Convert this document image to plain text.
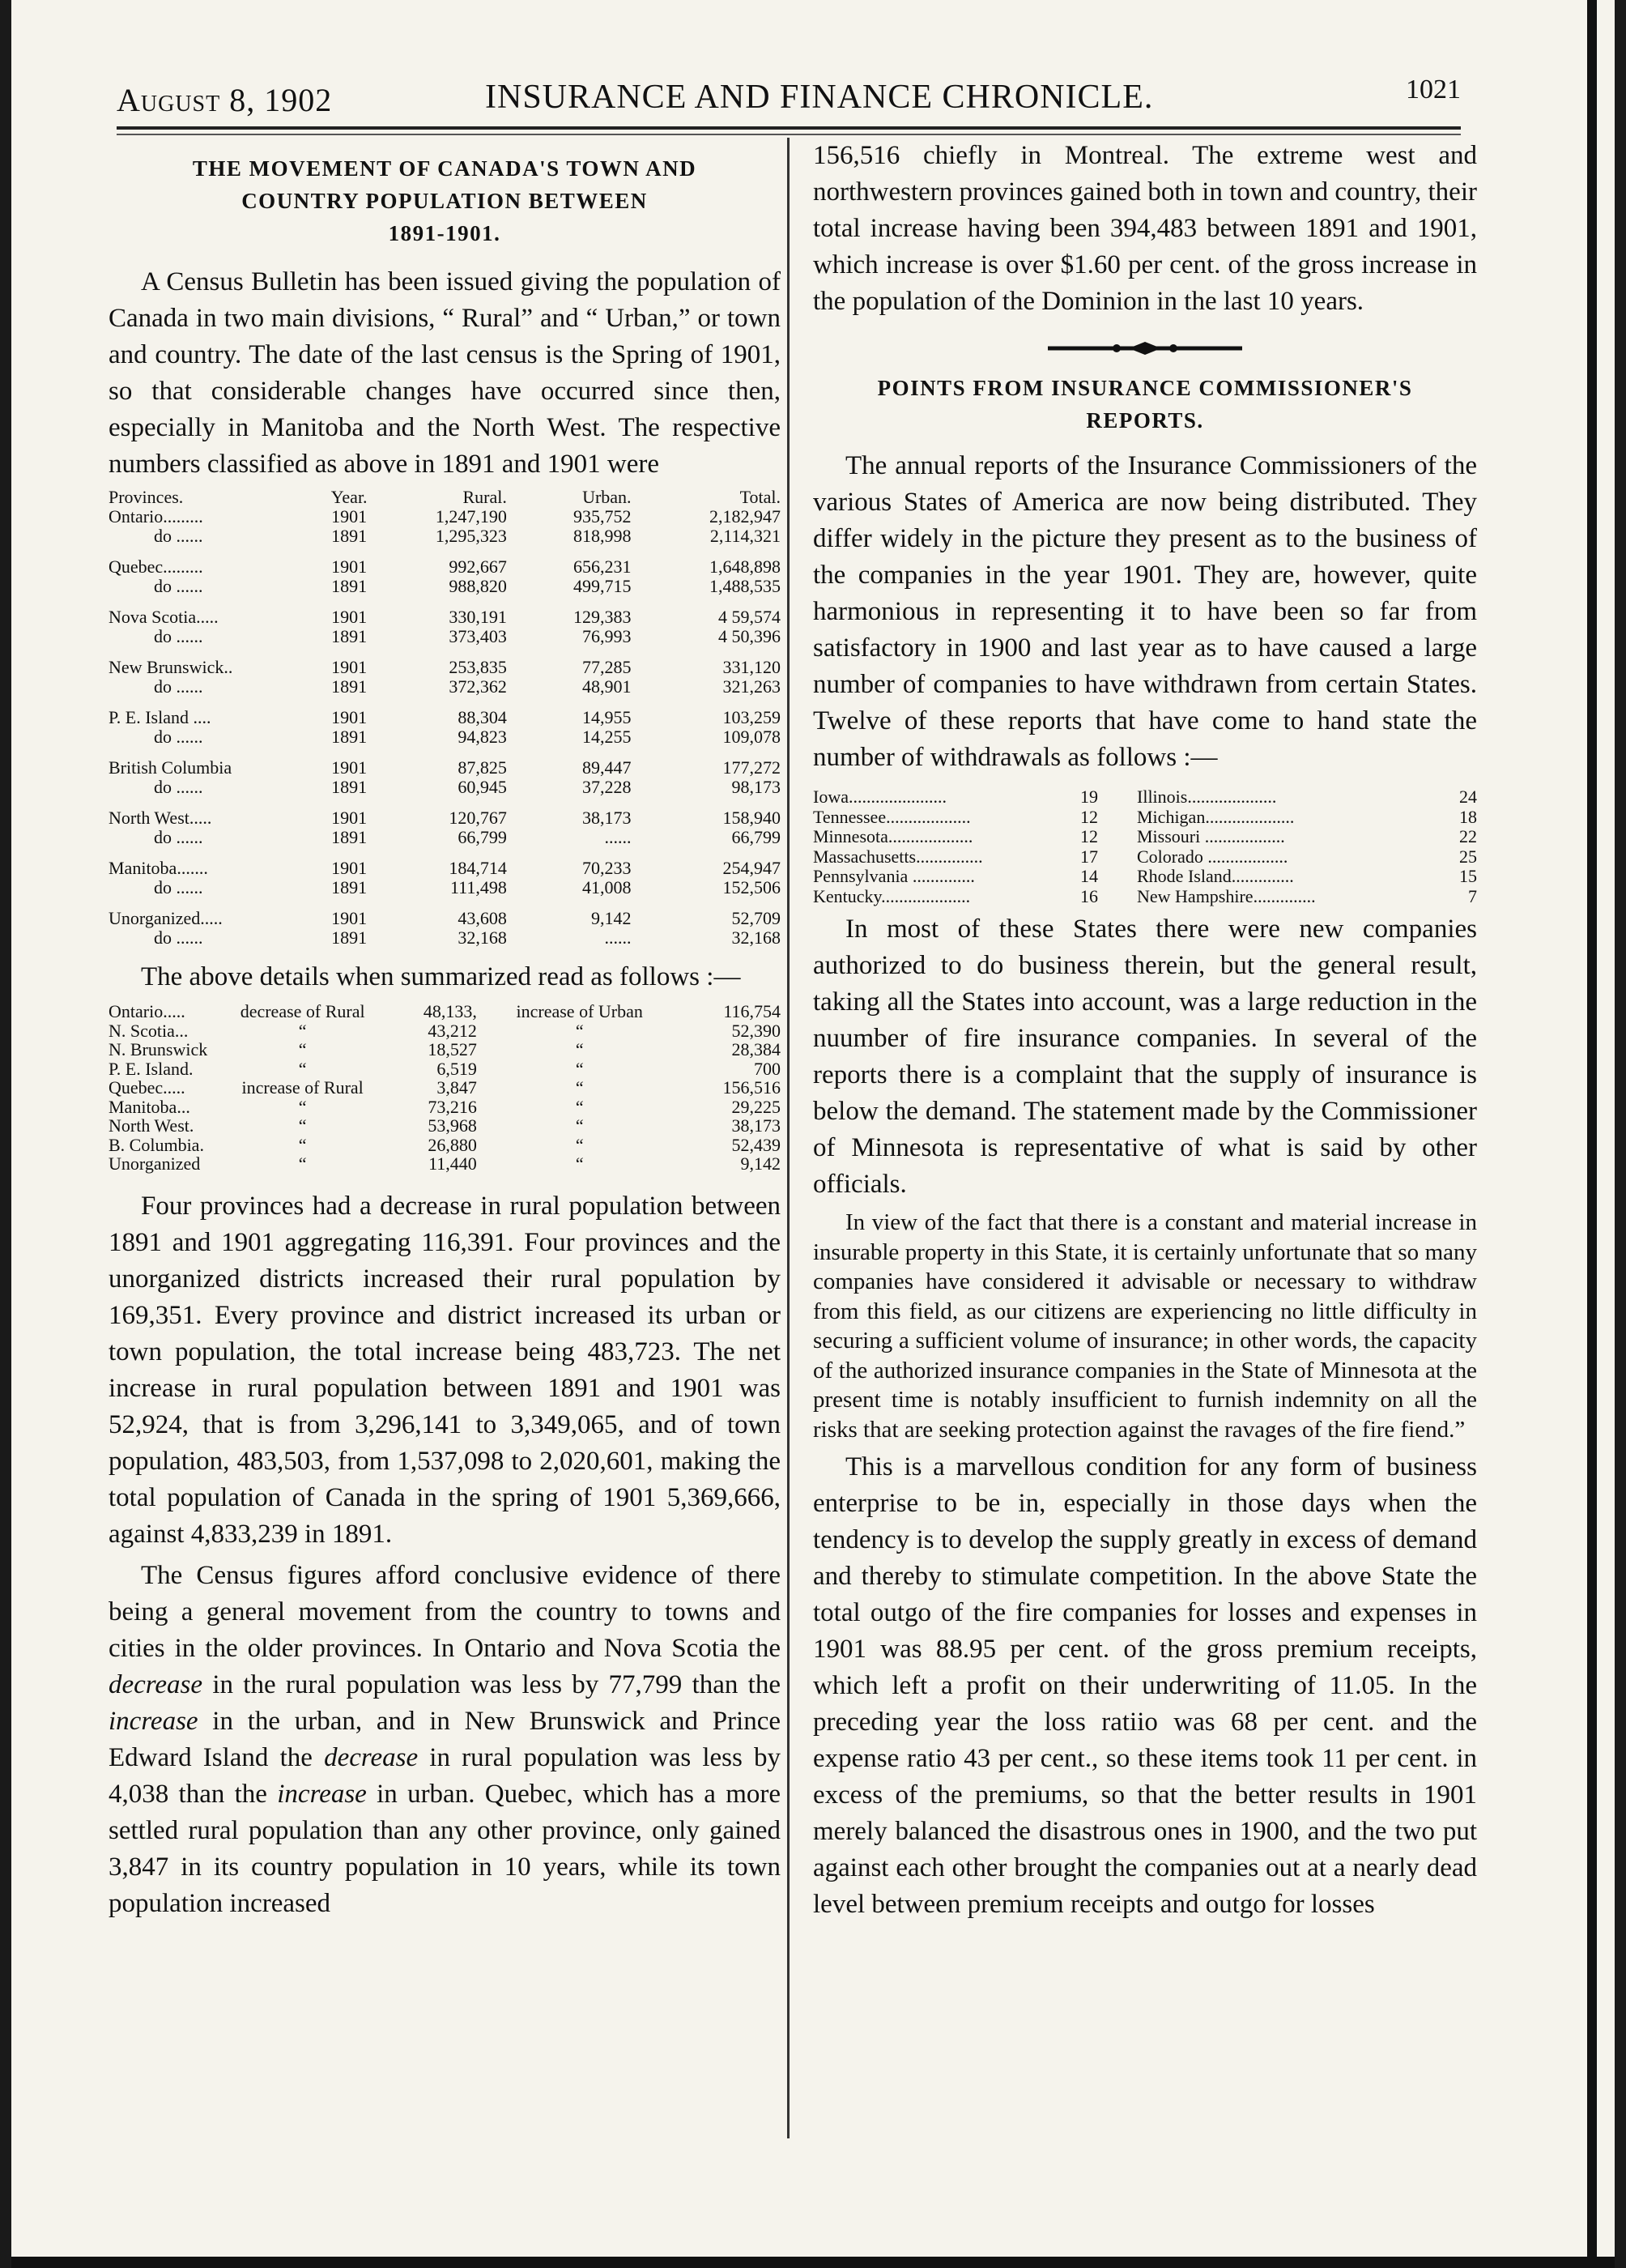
August 8, 1902	INSURANCE AND FINANCE CHRONICLE.	1021
THE MOVEMENT OF CANADA'S TOWN AND
COUNTRY POPULATION BETWEEN
1891-1901.

A Census Bulletin has been issued giving the population of Canada in two main divisions, “ Rural” and “ Urban,” or town and country. The date of the last census is the Spring of 1901, so that considerable changes have occurred since then, especially in Manitoba and the North West. The respective numbers classified as above in 1891 and 1901 were

Provinces.	Year.	Rural.	Urban.	Total.
Ontario.........	1901	1,247,190	935,752	2,182,947
do ......	1891	1,295,323	818,998	2,114,321
Quebec.........	1901	992,667	656,231	1,648,898
do ......	1891	988,820	499,715	1,488,535
Nova Scotia.....	1901	330,191	129,383	4 59,574
do ......	1891	373,403	76,993	4 50,396
New Brunswick..	1901	253,835	77,285	331,120
do ......	1891	372,362	48,901	321,263
P. E. Island ....	1901	88,304	14,955	103,259
do ......	1891	94,823	14,255	109,078
British Columbia	1901	87,825	89,447	177,272
do ......	1891	60,945	37,228	98,173
North West.....	1901	120,767	38,173	158,940
do ......	1891	66,799	......	66,799
Manitoba.......	1901	184,714	70,233	254,947
do ......	1891	111,498	41,008	152,506
Unorganized.....	1901	43,608	9,142	52,709
do ......	1891	32,168	......	32,168

The above details when summarized read as follows :—

Ontario.....	decrease of Rural	48,133,	increase of Urban	116,754
N. Scotia...	“	43,212	“	52,390
N. Brunswick	“	18,527	“	28,384
P. E. Island.	“	6,519	“	700
Quebec.....	increase of Rural	3,847	“	156,516
Manitoba...	“	73,216	“	29,225
North West.	“	53,968	“	38,173
B. Columbia.	“	26,880	“	52,439
Unorganized	“	11,440	“	9,142

Four provinces had a decrease in rural population between 1891 and 1901 aggregating 116,391. Four provinces and the unorganized districts increased their rural population by 169,351. Every province and district increased its urban or town population, the total increase being 483,723. The net increase in rural population between 1891 and 1901 was 52,924, that is from 3,296,141 to 3,349,065, and of town population, 483,503, from 1,537,098 to 2,020,601, making the total population of Canada in the spring of 1901 5,369,666, against 4,833,239 in 1891.

The Census figures afford conclusive evidence of there being a general movement from the country to towns and cities in the older provinces. In Ontario and Nova Scotia the decrease in the rural population was less by 77,799 than the increase in the urban, and in New Brunswick and Prince Edward Island the decrease in rural population was less by 4,038 than the increase in urban. Quebec, which has a more settled rural population than any other province, only gained 3,847 in its country population in 10 years, while its town population increased

156,516 chiefly in Montreal. The extreme west and northwestern provinces gained both in town and country, their total increase having been 394,483 between 1891 and 1901, which increase is over $1.60 per cent. of the gross increase in the population of the Dominion in the last 10 years.

POINTS FROM INSURANCE COMMISSIONER'S
REPORTS.

The annual reports of the Insurance Commissioners of the various States of America are now being distributed. They differ widely in the picture they present as to the business of the companies in the year 1901. They are, however, quite harmonious in representing it to have been so far from satisfactory in 1900 and last year as to have caused a large number of companies to have withdrawn from certain States. Twelve of these reports that have come to hand state the number of withdrawals as follows :—

Iowa......................	19	Illinois....................	24
Tennessee...................	12	Michigan....................	18
Minnesota...................	12	Missouri ..................	22
Massachusetts...............	17	Colorado ..................	25
Pennsylvania ..............	14	Rhode Island..............	15
Kentucky....................	16	New Hampshire..............	7

In most of these States there were new companies authorized to do business therein, but the general result, taking all the States into account, was a large reduction in the nuumber of fire insurance companies. In several of the reports there is a complaint that the supply of insurance is below the demand. The statement made by the Commissioner of Minnesota is representative of what is said by other officials.

In view of the fact that there is a constant and material increase in insurable property in this State, it is certainly unfortunate that so many companies have considered it advisable or necessary to withdraw from this field, as our citizens are experiencing no little difficulty in securing a sufficient volume of insurance; in other words, the capacity of the authorized insurance companies in the State of Minnesota at the present time is notably insufficient to furnish indemnity on all the risks that are seeking protection against the ravages of the fire fiend.”

This is a marvellous condition for any form of business enterprise to be in, especially in those days when the tendency is to develop the supply greatly in excess of demand and thereby to stimulate competition. In the above State the total outgo of the fire companies for losses and expenses in 1901 was 88.95 per cent. of the gross premium receipts, which left a profit on their underwriting of 11.05. In the preceding year the loss ratiio was 68 per cent. and the expense ratio 43 per cent., so these items took 11 per cent. in excess of the premiums, so that the better results in 1901 merely balanced the disastrous ones in 1900, and the two put against each other brought the companies out at a nearly dead level between premium receipts and outgo for losses
